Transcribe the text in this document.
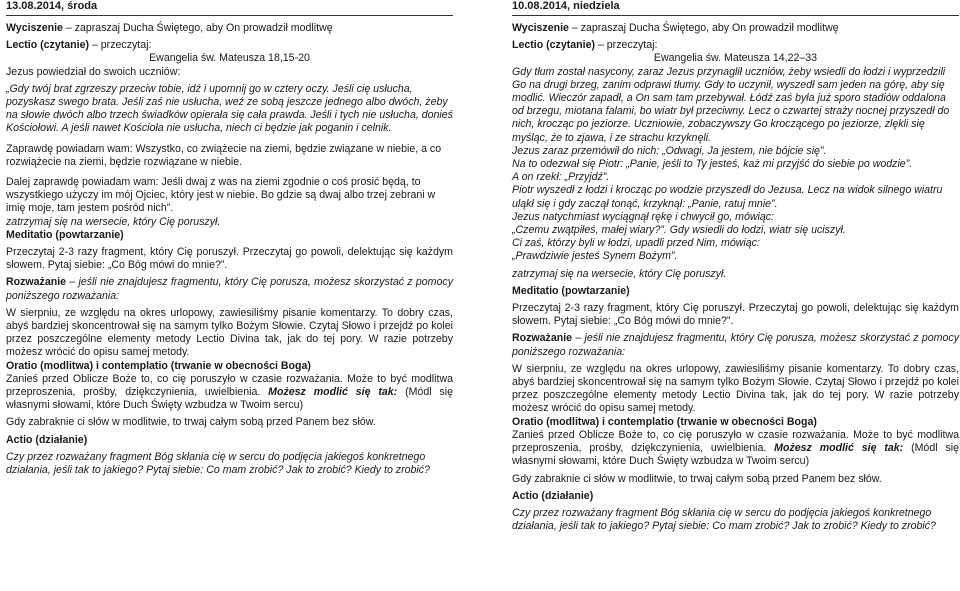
13.08.2014, środa

Wyciszenie – zapraszaj Ducha Świętego, aby On prowadził modlitwę

Lectio (czytanie) – przeczytaj:

Ewangelia św. Mateusza 18,15-20

Jezus powiedział do swoich uczniów:

„Gdy twój brat zgrzeszy przeciw tobie, idź i upomnij go w cztery oczy. Jeśli cię usłucha, pozyskasz swego brata. Jeśli zaś nie usłucha, weź ze sobą jeszcze jednego albo dwóch, żeby na słowie dwóch albo trzech świadków opierała się cała prawda. Jeśli i tych nie usłucha, donieś Kościołowi. A jeśli nawet Kościoła nie usłucha, niech ci będzie jak poganin i celnik.

Zaprawdę powiadam wam: Wszystko, co zwiążecie na ziemi, będzie związane w niebie, a co rozwiążecie na ziemi, będzie rozwiązane w niebie.

Dalej zaprawdę powiadam wam: Jeśli dwaj z was na ziemi zgodnie o coś prosić będą, to wszystkiego użyczy im mój Ojciec, który jest w niebie. Bo gdzie są dwaj albo trzej zebrani w imię moje, tam jestem pośród nich”.

zatrzymaj się na wersecie, który Cię poruszył.

Meditatio (powtarzanie)

Przeczytaj 2-3 razy fragment, który Cię poruszył. Przeczytaj go powoli, delektując się każdym słowem. Pytaj siebie: „Co Bóg mówi do mnie?”.

Rozważanie – jeśli nie znajdujesz fragmentu, który Cię porusza, możesz skorzystać z pomocy poniższego rozważania:

W sierpniu, ze względu na okres urlopowy, zawiesiliśmy pisanie komentarzy. To dobry czas, abyś bardziej skoncentrował się na samym tylko Bożym Słowie. Czytaj Słowo i przejdź po kolei przez poszczególne elementy metody Lectio Divina tak, jak do tej pory. W razie potrzeby możesz wrócić do opisu samej metody.

Oratio (modlitwa) i contemplatio (trwanie w obecności Boga)

Zanieś przed Oblicze Boże to, co cię poruszyło w czasie rozważania. Może to być modlitwa przeproszenia, prośby, dziękczynienia, uwielbienia. Możesz modlić się tak: (Módl się własnymi słowami, które Duch Święty wzbudza w Twoim sercu)

Gdy zabraknie ci słów w modlitwie, to trwaj całym sobą przed Panem bez słów.

Actio (działanie)

Czy przez rozważany fragment Bóg skłania cię w sercu do podjęcia jakiegoś konkretnego działania, jeśli tak to jakiego? Pytaj siebie: Co mam zrobić? Jak to zrobić? Kiedy to zrobić?

10.08.2014, niedziela

Wyciszenie – zapraszaj Ducha Świętego, aby On prowadził modlitwę

Lectio (czytanie) – przeczytaj:

Ewangelia św. Mateusza 14,22–33

Gdy tłum został nasycony, zaraz Jezus przynaglił uczniów, żeby wsiedli do łodzi i wyprzedzili Go na drugi brzeg, zanim odprawi tłumy. Gdy to uczynił, wyszedł sam jeden na górę, aby się modlić. Wieczór zapadł, a On sam tam przebywał. Łódź zaś była już sporo stadiów oddalona od brzegu, miotana falami, bo wiatr był przeciwny. Lecz o czwartej straży nocnej przyszedł do nich, krocząc po jeziorze. Uczniowie, zobaczywszy Go kroczącego po jeziorze, zlękli się myśląc, że to zjawa, i ze strachu krzyknęli.

Jezus zaraz przemówił do nich: „Odwagi, Ja jestem, nie bójcie się”.

Na to odezwał się Piotr: „Panie, jeśli to Ty jesteś, każ mi przyjść do siebie po wodzie”.

A on rzekł: „Przyjdź”.

Piotr wyszedł z łodzi i krocząc po wodzie przyszedł do Jezusa. Lecz na widok silnego wiatru uląkł się i gdy zaczął tonąć, krzyknął: „Panie, ratuj mnie”.

Jezus natychmiast wyciągnął rękę i chwycił go, mówiąc:

„Czemu zwątpiłeś, małej wiary?”. Gdy wsiedli do łodzi, wiatr się uciszył.

Ci zaś, którzy byli w łodzi, upadli przed Nim, mówiąc:

„Prawdziwie jesteś Synem Bożym”.

zatrzymaj się na wersecie, który Cię poruszył.

Meditatio (powtarzanie)

Przeczytaj 2-3 razy fragment, który Cię poruszył. Przeczytaj go powoli, delektując się każdym słowem. Pytaj siebie: „Co Bóg mówi do mnie?”.

Rozważanie – jeśli nie znajdujesz fragmentu, który Cię porusza, możesz skorzystać z pomocy poniższego rozważania:

W sierpniu, ze względu na okres urlopowy, zawiesiliśmy pisanie komentarzy. To dobry czas, abyś bardziej skoncentrował się na samym tylko Bożym Słowie. Czytaj Słowo i przejdź po kolei przez poszczególne elementy metody Lectio Divina tak, jak do tej pory. W razie potrzeby możesz wrócić do opisu samej metody.

Oratio (modlitwa) i contemplatio (trwanie w obecności Boga)

Zanieś przed Oblicze Boże to, co cię poruszyło w czasie rozważania. Może to być modlitwa przeproszenia, prośby, dziękczynienia, uwielbienia. Możesz modlić się tak: (Módl się własnymi słowami, które Duch Święty wzbudza w Twoim sercu)

Gdy zabraknie ci słów w modlitwie, to trwaj całym sobą przed Panem bez słów.

Actio (działanie)

Czy przez rozważany fragment Bóg skłania cię w sercu do podjęcia jakiegoś konkretnego działania, jeśli tak to jakiego? Pytaj siebie: Co mam zrobić? Jak to zrobić? Kiedy to zrobić?
